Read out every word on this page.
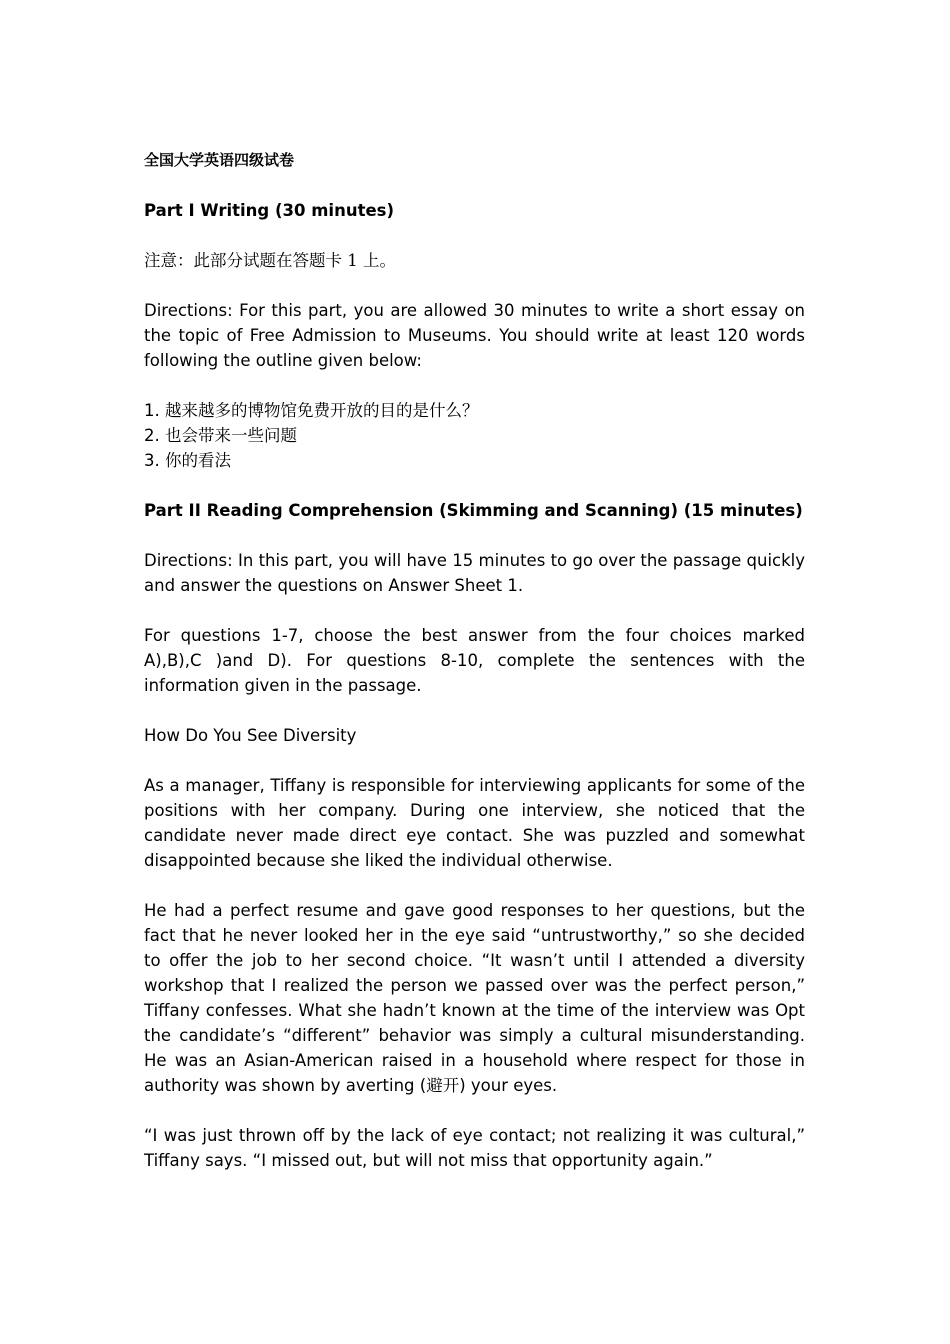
全国大学英语四级试卷
Part I Writing (30 minutes)
注意：此部分试题在答题卡 1 上。
Directions: For this part, you are allowed 30 minutes to write a short essay on the topic of Free Admission to Museums. You should write at least 120 words following the outline given below:
1. 越来越多的博物馆免费开放的目的是什么？
2. 也会带来一些问题
3. 你的看法
Part II Reading Comprehension (Skimming and Scanning) (15 minutes)
Directions: In this part, you will have 15 minutes to go over the passage quickly and answer the questions on Answer Sheet 1.
For questions 1-7, choose the best answer from the four choices marked A),B),C )and D). For questions 8-10, complete the sentences with the information given in the passage.
How Do You See Diversity
As a manager, Tiffany is responsible for interviewing applicants for some of the positions with her company. During one interview, she noticed that the candidate never made direct eye contact. She was puzzled and somewhat disappointed because she liked the individual otherwise.
He had a perfect resume and gave good responses to her questions, but the fact that he never looked her in the eye said “untrustworthy,” so she decided to offer the job to her second choice. “It wasn’t until I attended a diversity workshop that I realized the person we passed over was the perfect person,” Tiffany confesses. What she hadn’t known at the time of the interview was Opt the candidate’s “different” behavior was simply a cultural misunderstanding. He was an Asian-American raised in a household where respect for those in authority was shown by averting (避开) your eyes.
“I was just thrown off by the lack of eye contact; not realizing it was cultural,” Tiffany says. “I missed out, but will not miss that opportunity again.”
